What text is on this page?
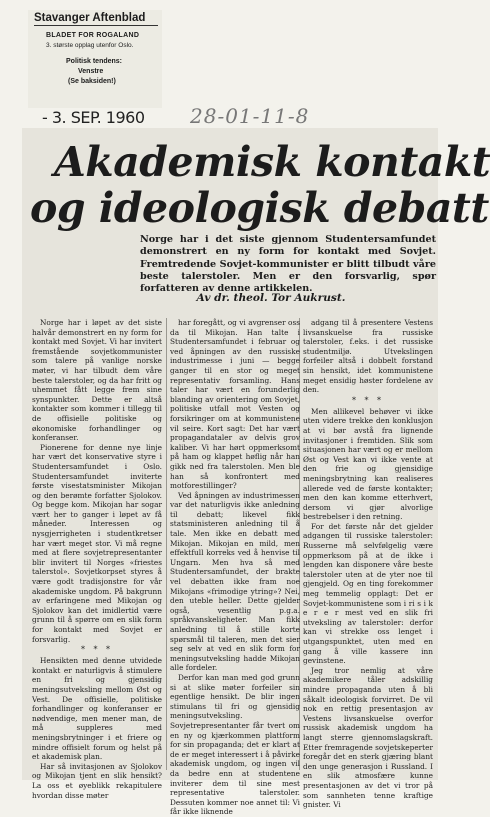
Stavanger Aftenblad
BLADET FOR ROGALAND
3. største opplag utenfor Oslo.
Politisk tendens:
Venstre
(Se baksiden!)
- 3. SEP. 1960 28-01-11-8
Akademisk kontakt
og ideologisk debatt
Norge har i det siste gjennom Studentersamfundet demonstrert en ny form for kontakt med Sovjet. Fremtredende Sovjet-kommunister er blitt tilbudt våre beste talerstoler. Men er den forsvarlig, spør forfatteren av denne artikkelen.
Av dr. theol. Tor Aukrust.

Norge har i løpet av det siste halvår demonstrert en ny form for kontakt med Sovjet. Vi har invitert fremstående sovjetkommunister som talere på vanlige norske møter, vi har tilbudt dem våre beste talerstoler, og da har fritt og uhemmet fått legge frem sine synspunkter. Dette er altså kontakter som kommer i tillegg til de offisielle politiske og økonomiske forhandlinger og konferanser.

Pionerene for denne nye linje har vært det konservative styre i Studentersamfundet i Oslo. Studentersamfundet inviterte første visestatsminister Mikojan og den berømte forfatter Sjolokov. Og begge kom. Mikojan har sogar vært her to ganger i løpet av få måneder. Interessen og nysgjerrigheten i studentkretser har vært meget stor. Vi må regne med at flere sovjetrepresentanter blir invitert til Norges «friestes talerstol». Sovjetkorpset styres å være godt tradisjonstre for vår akademiske ungdom. På bakgrunn av erfaringene med Mikojan og Sjolokov kan det imidlertid være grunn til å spørre om en slik form for kontakt med Sovjet er forsvarlig.

* * *

Hensikten med denne utvidede kontakt er naturligvis å stimulere en fri og gjensidig meningsutveksling mellom Øst og Vest. De offisielle, politiske forhandlinger og konferanser er nødvendige, men mener man, de må suppleres med meningsbrytninger i et friere og mindre offisielt forum og helst på et akademisk plan.

Har så invitasjonen av Sjolokov og Mikojan tjent en slik hensikt? La oss et øyeblikk rekapitulere hvordan disse møter

har foregått, og vi avgrenser oss da til Mikojan. Han talte i Studentersamfundet i februar og ved åpningen av den russiske industrimesse i juni — begge ganger til en stor og meget representativ forsamling. Hans taler har vært en forunderlig blanding av orientering om Sovjet, politiske utfall mot Vesten og forsikringer om at kommunistene vil seire. Kort sagt: Det har vært propagandataler av delvis grov kaliber. Vi har hørt oppmerksomt på ham og klappet høflig når han gikk ned fra talerstolen. Men ble han så konfrontert med motforestillinger?

Ved åpningen av industrimessen var det naturligvis ikke anledning til debatt; likevel fikk statsministeren anledning til å tale. Men ikke en debatt med Mikojan. Mikojan en mild, men effektfull korreks ved å henvise til Ungarn. Men hva så med Studentersamfundet, der brakte vel debatten ikke fram noe Mikojans «frimodige ytring»? Nei, den uteble heller. Dette gjelder også, vesentlig p.g.a. språkvanskeligheter. Man fikk anledning til å stille korte spørsmål til taleren, men det sier seg selv at ved en slik form for meningsutveksling hadde Mikojan alle fordeler.

Derfor kan man med god grunn si at slike møter forfeiler sin egentlige hensikt. De blir ingen stimulans til fri og gjensidig meningsutveksling. Sovjetrepresentanter får tvert om en ny og kjærkommen plattform for sin propaganda; det er klart at de er meget interessert i å påvirke akademisk ungdom, og ingen vil da bedre enn at studentene inviterer dem til sine mest representative talerstoler. Dessuten kommer noe annet til: Vi får ikke liknende

adgang til å presentere Vestens livsanskuelse fra russiske talerstoler, f.eks. i det russiske studentmiljø. Utvekslingen forfeiler altså i dobbelt forstand sin hensikt, idet kommunistene meget ensidig høster fordelene av den.

* * *

Men allikevel behøver vi ikke uten videre trekke den konklusjon at vi bør avstå fra lignende invitasjoner i fremtiden. Slik som situasjonen har vært og er mellom Øst og Vest kan vi ikke vente at den frie og gjensidige meningsbrytning kan realiseres allerede ved de første kontakter; men den kan komme etterhvert, dersom vi gjør alvorlige bestrebelser i den retning.

For det første når det gjelder adgangen til russiske talerstoler: Russerne må selvfølgelig være oppmerksom på at de ikke i lengden kan disponere våre beste talerstoler uten at de yter noe til gjengjeld. Og en ting forekommer meg temmelig opplagt: Det er Sovjet-kommunistene som i ri s i k e r e r mest ved en slik fri utveksling av talerstoler: derfor kan vi strekke oss lenget i utgangspunktet, uten med en gang å ville kassere inn gevinstene.

Jeg tror nemlig at våre akademikere tåler adskillig mindre propaganda uten å bli såkalt ideologisk forvirret. De vil nok en rettig presentasjon av Vestens livsanskuelse overfor russisk akademisk ungdom ha langt sterre gjennomslagskraft. Etter fremragende sovjetskeperter foregår det en sterk gjæring blant den unge generasjon i Russland. I en slik atmosfære kunne presentasjonen av det vi tror på som sannheten tenne kraftige gnister. Vi
